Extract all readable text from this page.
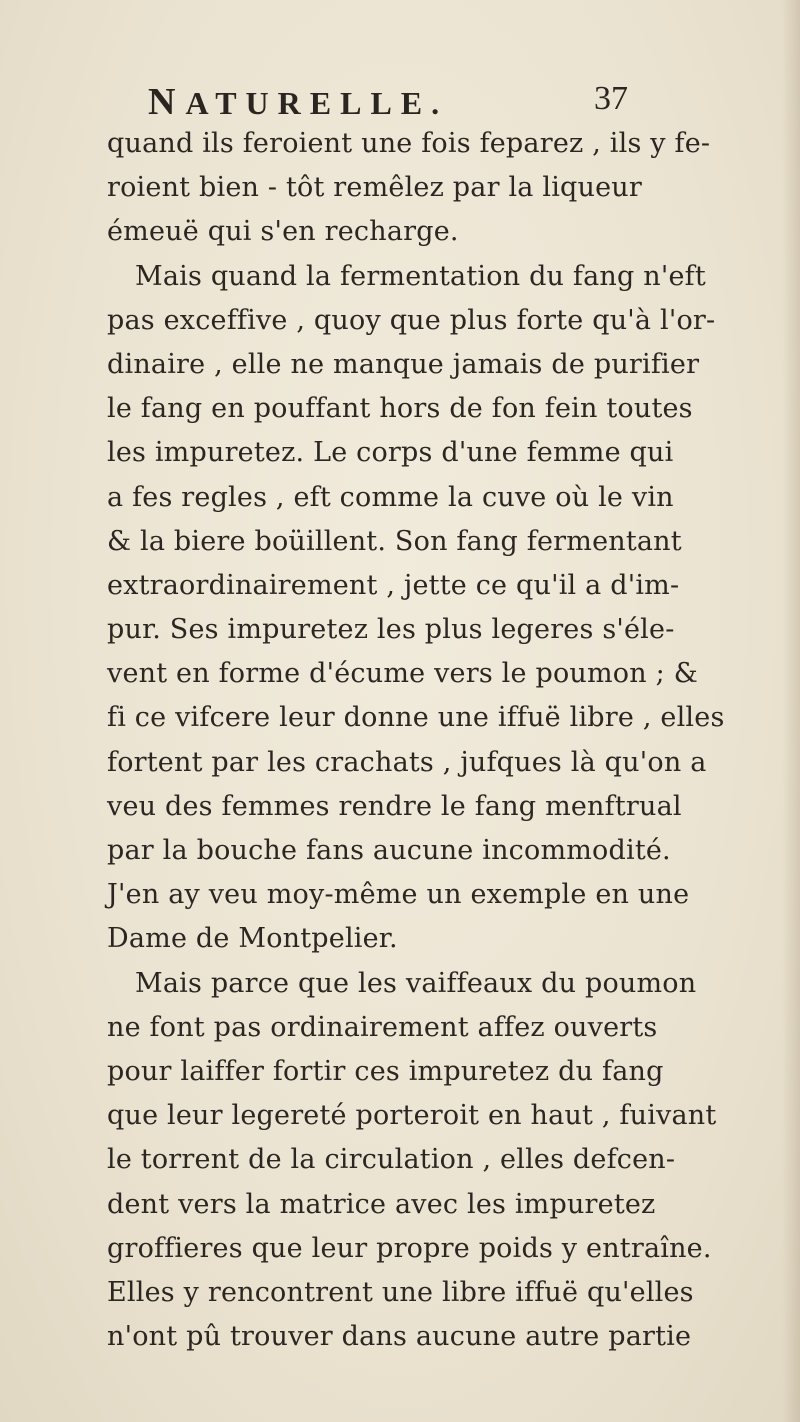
NATURELLE.	37
quand ils feroient une fois feparez , ils y fe-
roient bien - tôt remêlez par la liqueur
émeuë qui s'en recharge.
Mais quand la fermentation du fang n'eft
pas exceffive , quoy que plus forte qu'à l'or-
dinaire , elle ne manque jamais de purifier
le fang en pouffant hors de fon fein toutes
les impuretez. Le corps d'une femme qui
a fes regles , eft comme la cuve où le vin
& la biere boüillent. Son fang fermentant
extraordinairement , jette ce qu'il a d'im-
pur. Ses impuretez les plus legeres s'éle-
vent en forme d'écume vers le poumon ; &
fi ce vifcere leur donne une iffuë libre , elles
fortent par les crachats , jufques là qu'on a
veu des femmes rendre le fang menftrual
par la bouche fans aucune incommodité.
J'en ay veu moy-même un exemple en une
Dame de Montpelier.
Mais parce que les vaiffeaux du poumon
ne font pas ordinairement affez ouverts
pour laiffer fortir ces impuretez du fang
que leur legereté porteroit en haut , fuivant
le torrent de la circulation , elles defcen-
dent vers la matrice avec les impuretez
groffieres que leur propre poids y entraîne.
Elles y rencontrent une libre iffuë qu'elles
n'ont pû trouver dans aucune autre partie
